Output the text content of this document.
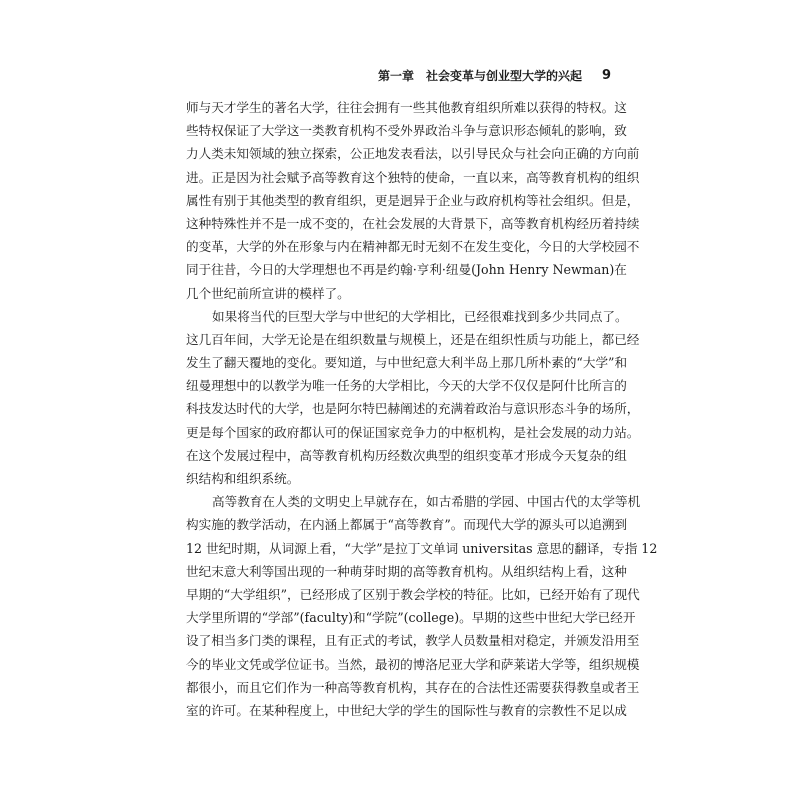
第一章　社会变革与创业型大学的兴起 9
师与天才学生的著名大学，往往会拥有一些其他教育组织所难以获得的特权。这
些特权保证了大学这一类教育机构不受外界政治斗争与意识形态倾轧的影响，致
力人类未知领域的独立探索，公正地发表看法，以引导民众与社会向正确的方向前
进。正是因为社会赋予高等教育这个独特的使命，一直以来，高等教育机构的组织
属性有别于其他类型的教育组织，更是迥异于企业与政府机构等社会组织。但是，
这种特殊性并不是一成不变的，在社会发展的大背景下，高等教育机构经历着持续
的变革，大学的外在形象与内在精神都无时无刻不在发生变化，今日的大学校园不
同于往昔，今日的大学理想也不再是约翰·亨利·纽曼(John Henry Newman)在
几个世纪前所宣讲的模样了。
如果将当代的巨型大学与中世纪的大学相比，已经很难找到多少共同点了。
这几百年间，大学无论是在组织数量与规模上，还是在组织性质与功能上，都已经
发生了翻天覆地的变化。要知道，与中世纪意大利半岛上那几所朴素的“大学”和
纽曼理想中的以教学为唯一任务的大学相比，今天的大学不仅仅是阿什比所言的
科技发达时代的大学，也是阿尔特巴赫阐述的充满着政治与意识形态斗争的场所，
更是每个国家的政府都认可的保证国家竞争力的中枢机构，是社会发展的动力站。
在这个发展过程中，高等教育机构历经数次典型的组织变革才形成今天复杂的组
织结构和组织系统。
高等教育在人类的文明史上早就存在，如古希腊的学园、中国古代的太学等机
构实施的教学活动，在内涵上都属于“高等教育”。而现代大学的源头可以追溯到
12 世纪时期，从词源上看，“大学”是拉丁文单词 universitas 意思的翻译，专指 12
世纪末意大利等国出现的一种萌芽时期的高等教育机构。从组织结构上看，这种
早期的“大学组织”，已经形成了区别于教会学校的特征。比如，已经开始有了现代
大学里所谓的“学部”(faculty)和“学院”(college)。早期的这些中世纪大学已经开
设了相当多门类的课程，且有正式的考试，教学人员数量相对稳定，并颁发沿用至
今的毕业文凭或学位证书。当然，最初的博洛尼亚大学和萨莱诺大学等，组织规模
都很小，而且它们作为一种高等教育机构，其存在的合法性还需要获得教皇或者王
室的许可。在某种程度上，中世纪大学的学生的国际性与教育的宗教性不足以成
